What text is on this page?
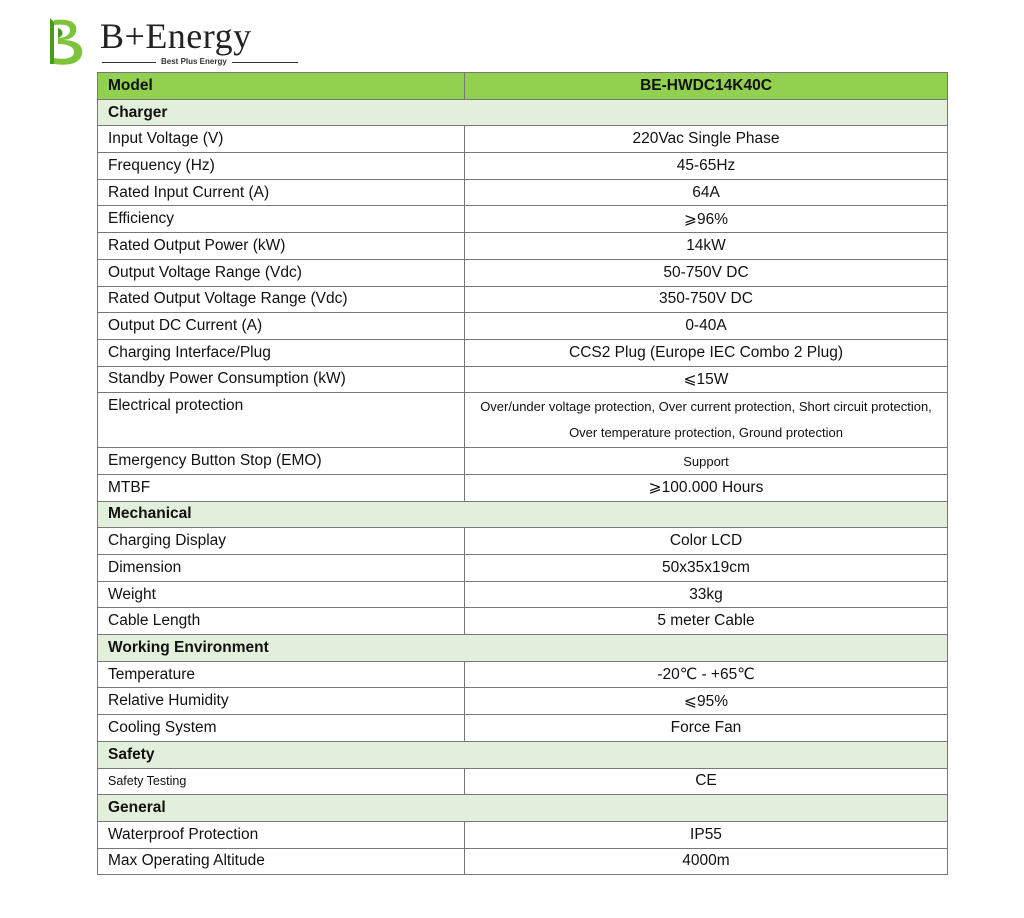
B+Energy
Best Plus Energy
Model	BE-HWDC14K40C
Charger	
Input Voltage (V)	220Vac Single Phase
Frequency (Hz)	45-65Hz
Rated Input Current (A)	64A
Efficiency	⩾96%
Rated Output Power (kW)	14kW
Output Voltage Range (Vdc)	50-750V DC
Rated Output Voltage Range (Vdc)	350-750V DC
Output DC Current (A)	0-40A
Charging Interface/Plug	CCS2 Plug (Europe IEC Combo 2 Plug)
Standby Power Consumption (kW)	⩽15W
Electrical protection	Over/under voltage protection, Over current protection, Short circuit protection, Over temperature protection, Ground protection
Emergency Button Stop (EMO)	Support
MTBF	⩾100.000 Hours
Mechanical	
Charging Display	Color LCD
Dimension	50x35x19cm
Weight	33kg
Cable Length	5 meter Cable
Working Environment	
Temperature	-20℃ - +65℃
Relative Humidity	⩽95%
Cooling System	Force Fan
Safety	
Safety Testing	CE
General	
Waterproof Protection	IP55
Max Operating Altitude	4000m
